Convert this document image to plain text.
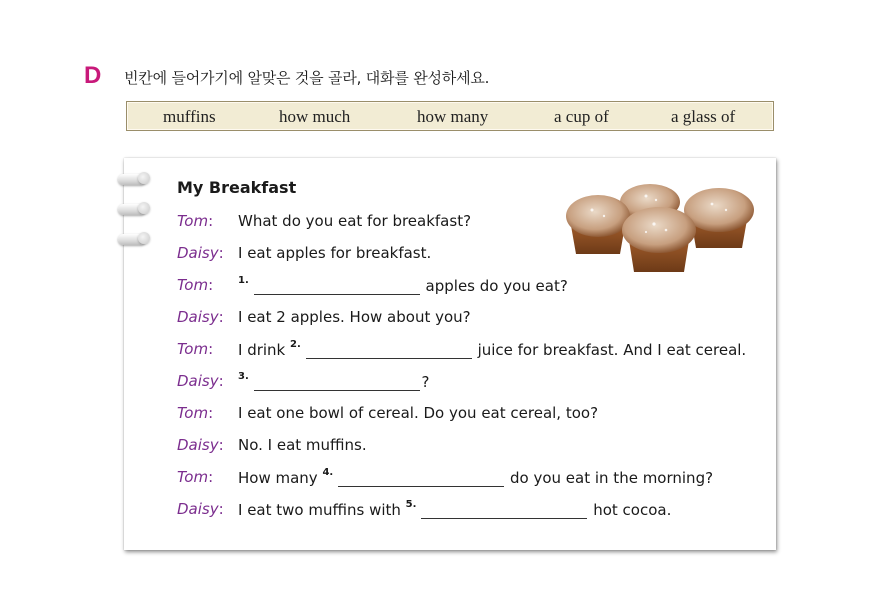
D 빈칸에 들어가기에 알맞은 것을 골라, 대화를 완성하세요.
muffins	how much	how many	a cup of	a glass of
My Breakfast
Tom: What do you eat for breakfast?
Daisy: I eat apples for breakfast.
Tom: $^{1.}$	apples do you eat?
Daisy: I eat 2 apples. How about you?
Tom: I drink $^{2.}$	juice for breakfast. And I eat cereal.
Daisy: $^{3.}$	?
Tom: I eat one bowl of cereal. Do you eat cereal, too?
Daisy: No. I eat muffins.
Tom: How many $^{4.}$	do you eat in the morning?
Daisy: I eat two muffins with $^{5.}$	hot cocoa.
